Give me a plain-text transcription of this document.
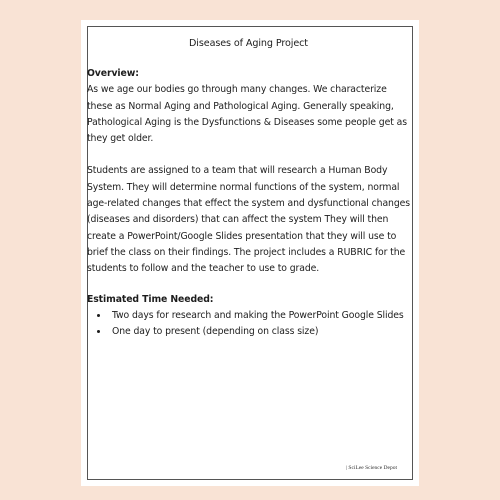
Diseases of Aging Project
Overview:

As we age our bodies go through many changes. We characterize these as Normal Aging and Pathological Aging. Generally speaking, Pathological Aging is the Dysfunctions & Diseases some people get as they get older.

Students are assigned to a team that will research a Human Body System. They will determine normal functions of the system, normal age-related changes that effect the system and dysfunctional changes (diseases and disorders) that can affect the system They will then create a PowerPoint/Google Slides presentation that they will use to brief the class on their findings. The project includes a RUBRIC for the students to follow and the teacher to use to grade.

Estimated Time Needed:
• Two days for research and making the PowerPoint Google Slides
• One day to present (depending on class size)
| SciLee Science Depot
